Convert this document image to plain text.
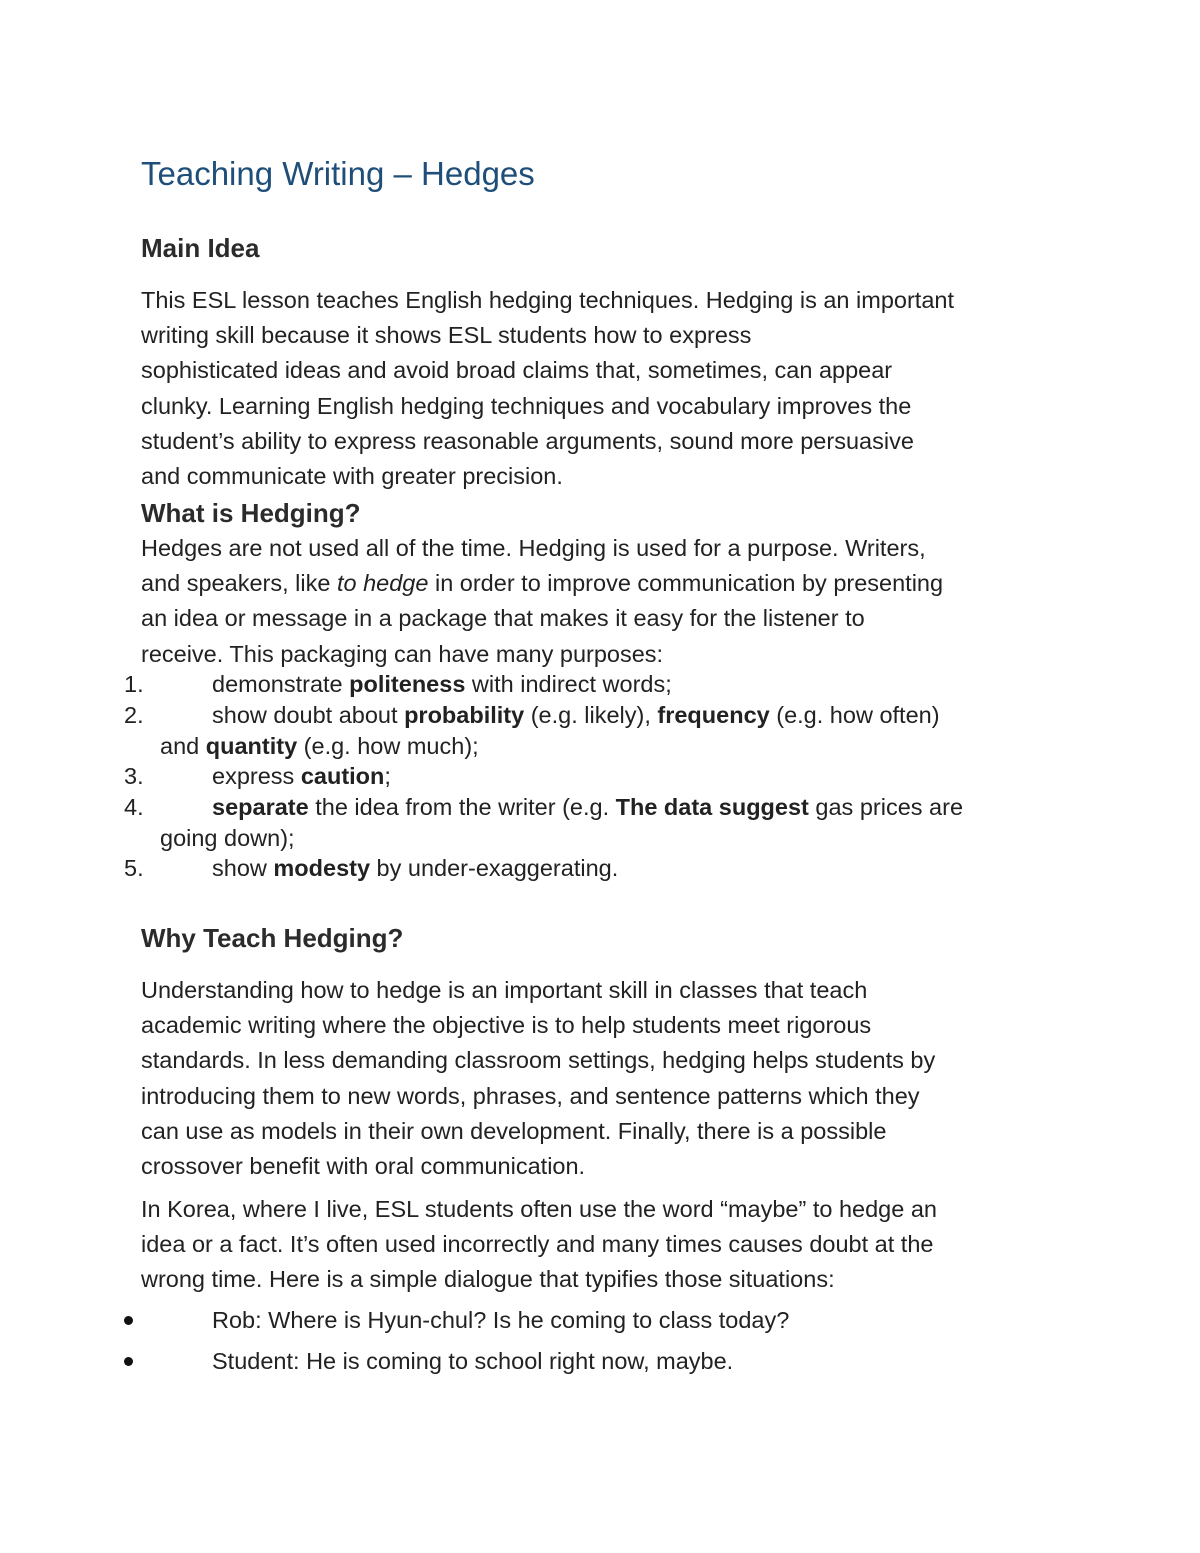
Teaching Writing – Hedges
Main Idea

This ESL lesson teaches English hedging techniques. Hedging is an important
writing skill because it shows ESL students how to express
sophisticated ideas and avoid broad claims that, sometimes, can appear
clunky. Learning English hedging techniques and vocabulary improves the
student’s ability to express reasonable arguments, sound more persuasive
and communicate with greater precision.

What is Hedging?

Hedges are not used all of the time. Hedging is used for a purpose. Writers,
and speakers, like to hedge in order to improve communication by presenting
an idea or message in a package that makes it easy for the listener to
receive. This packaging can have many purposes:

1.	demonstrate politeness with indirect words;
2.	show doubt about probability (e.g. likely), frequency (e.g. how often)
and quantity (e.g. how much);
3.	express caution;
4.	separate the idea from the writer (e.g. The data suggest gas prices are
going down);
5.	show modesty by under-exaggerating.
Why Teach Hedging?

Understanding how to hedge is an important skill in classes that teach
academic writing where the objective is to help students meet rigorous
standards. In less demanding classroom settings, hedging helps students by
introducing them to new words, phrases, and sentence patterns which they
can use as models in their own development. Finally, there is a possible
crossover benefit with oral communication.

In Korea, where I live, ESL students often use the word “maybe” to hedge an
idea or a fact. It’s often used incorrectly and many times causes doubt at the
wrong time. Here is a simple dialogue that typifies those situations:

Rob: Where is Hyun-chul? Is he coming to class today?
Student: He is coming to school right now, maybe.
